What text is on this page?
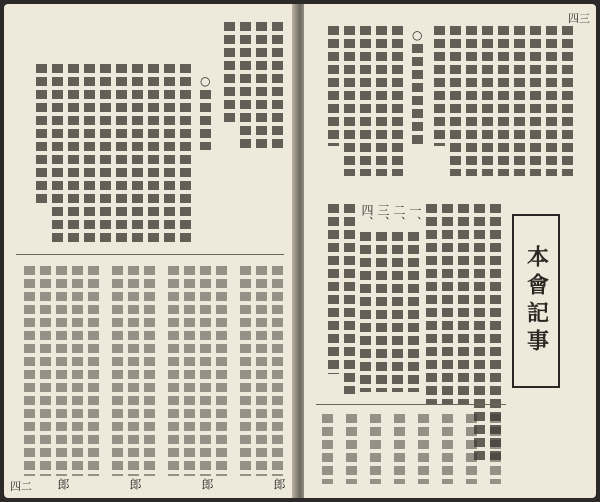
○
郎
郎
郎
郎
四二
四三
○
本會記事
一、
二、
三、
四、
